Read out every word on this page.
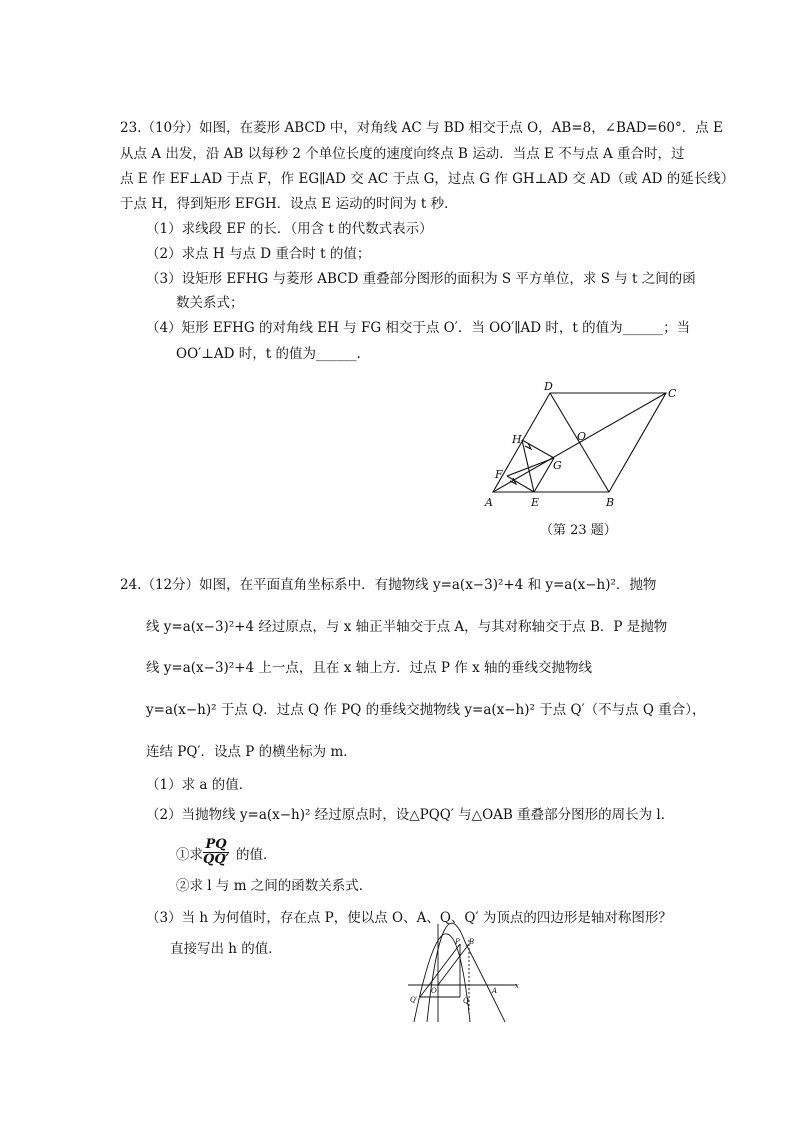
23.（10分）如图，在菱形 ABCD 中，对角线 AC 与 BD 相交于点 O，AB=8，∠BAD=60°．点 E
从点 A 出发，沿 AB 以每秒 2 个单位长度的速度向终点 B 运动．当点 E 不与点 A 重合时，过
点 E 作 EF⊥AD 于点 F，作 EG∥AD 交 AC 于点 G，过点 G 作 GH⊥AD 交 AD（或 AD 的延长线）
于点 H，得到矩形 EFGH．设点 E 运动的时间为 t 秒．
（1）求线段 EF 的长．（用含 t 的代数式表示）
（2）求点 H 与点 D 重合时 t 的值；
（3）设矩形 EFHG 与菱形 ABCD 重叠部分图形的面积为 S 平方单位，求 S 与 t 之间的函
数关系式；
（4）矩形 EFHG 的对角线 EH 与 FG 相交于点 O′．当 OO′∥AD 时，t 的值为______；当
OO′⊥AD 时，t 的值为______.
D
C
H	O
G
F
A	E	B
（第 23 题）
24.（12分）如图，在平面直角坐标系中．有抛物线 y=a(x−3)²+4 和 y=a(x−h)²．抛物
线 y=a(x−3)²+4 经过原点，与 x 轴正半轴交于点 A，与其对称轴交于点 B．P 是抛物
线 y=a(x−3)²+4 上一点，且在 x 轴上方．过点 P 作 x 轴的垂线交抛物线
y=a(x−h)² 于点 Q．过点 Q 作 PQ 的垂线交抛物线 y=a(x−h)² 于点 Q′（不与点 Q 重合），
连结 PQ′．设点 P 的横坐标为 m．
（1）求 a 的值．
（2）当抛物线 y=a(x−h)² 经过原点时，设△PQQ′ 与△OAB 重叠部分图形的周长为 l．
①求 $\frac{PQ}{QQ'}$ 的值．
②求 l 与 m 之间的函数关系式．
（3）当 h 为何值时，存在点 P，使以点 O、A、Q、Q′ 为顶点的四边形是轴对称图形？
直接写出 h 的值．	P B
O
Q
A
x
Q′
